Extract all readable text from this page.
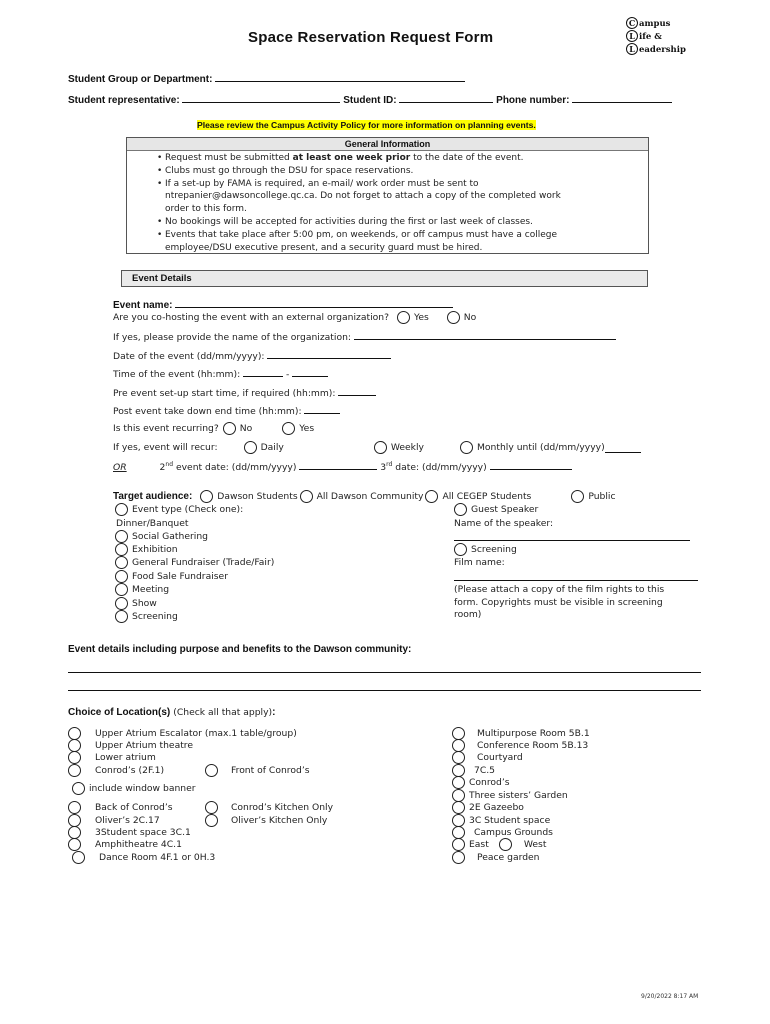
Space Reservation Request Form
C ampus
L ife &
L eadership
Student Group or Department:
Student representative:	Student ID:	Phone number:
Please review the Campus Activity Policy for more information on planning events.
General Information
• Request must be submitted at least one week prior to the date of the event.
• Clubs must go through the DSU for space reservations.
• If a set-up by FAMA is required, an e-mail/ work order must be sent to
ntrepanier@dawsoncollege.qc.ca. Do not forget to attach a copy of the completed work
order to this form.
• No bookings will be accepted for activities during the first or last week of classes.
• Events that take place after 5:00 pm, on weekends, or off campus must have a college
employee/DSU executive present, and a security guard must be hired.
Event Details
Event name:
Are you co-hosting the event with an external organization?	Yes	No
If yes, please provide the name of the organization:
Date of the event (dd/mm/yyyy):
Time of the event (hh:mm):	-
Pre event set-up start time, if required (hh:mm):
Post event take down end time (hh:mm):
Is this event recurring? No	Yes
If yes, event will recur:	Daily	Weekly	Monthly until (dd/mm/yyyy)
OR	2nd event date: (dd/mm/yyyy)	3rd date: (dd/mm/yyyy)
Target audience:	Dawson Students All Dawson Community All CEGEP Students	Public
Event type (Check one):
Dinner/Banquet
Social Gathering
Exhibition
General Fundraiser (Trade/Fair)
Food Sale Fundraiser
Meeting
Show
Screening
Guest Speaker
Name of the speaker:
Screening
Film name:
(Please attach a copy of the film rights to this
form. Copyrights must be visible in screening
room)
Event details including purpose and benefits to the Dawson community:
Choice of Location(s) (Check all that apply):
Upper Atrium Escalator (max.1 table/group)
Upper Atrium theatre
Lower atrium
Conrod’s (2F.1)
include window banner
Back of Conrod’s
Oliver’s 2C.17
3Student space 3C.1
Amphitheatre 4C.1
Dance Room 4F.1 or 0H.3
Front of Conrod’s
Conrod’s Kitchen Only
Oliver’s Kitchen Only
Multipurpose Room 5B.1
Conference Room 5B.13
Courtyard
7C.5
Conrod’s
Three sisters’ Garden
2E Gazeebo
3C Student space
Campus Grounds
East	West
Peace garden
9/20/2022 8:17 AM
